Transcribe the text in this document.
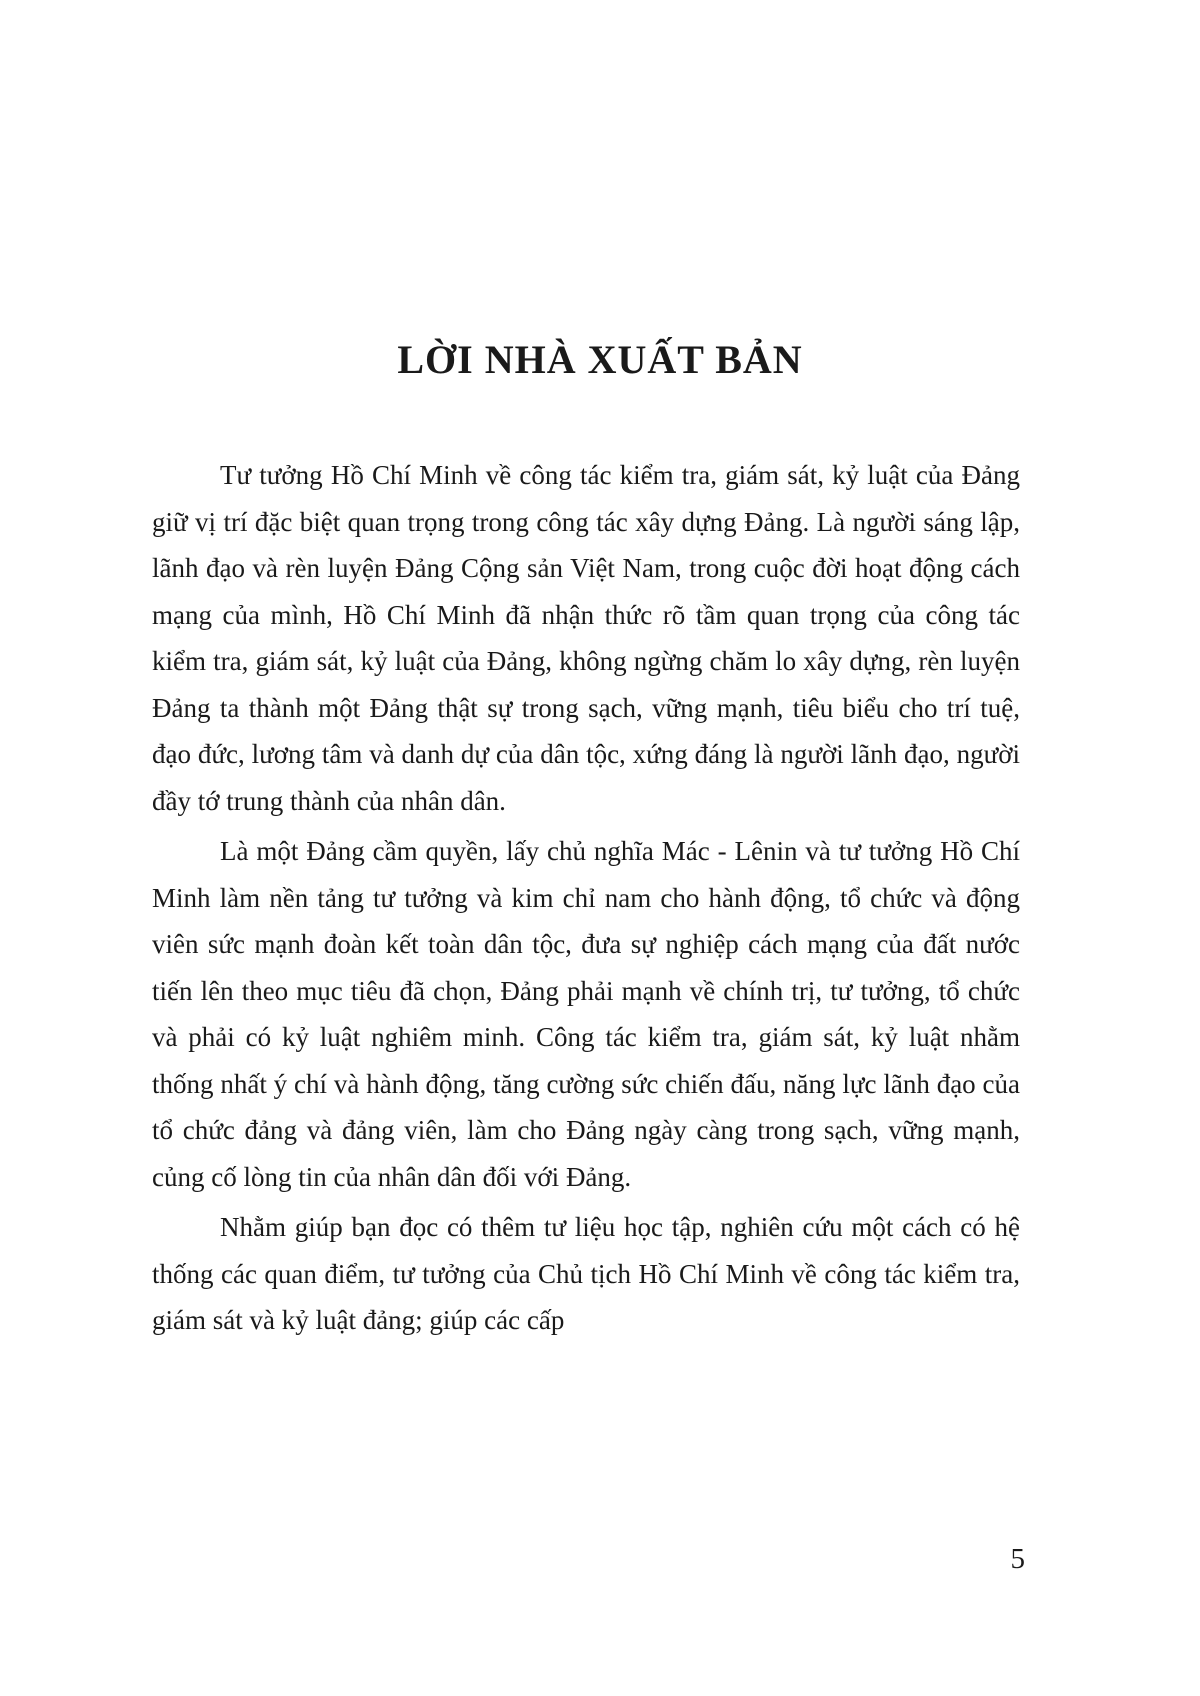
LỜI NHÀ XUẤT BẢN

Tư tưởng Hồ Chí Minh về công tác kiểm tra, giám sát, kỷ luật của Đảng giữ vị trí đặc biệt quan trọng trong công tác xây dựng Đảng. Là người sáng lập, lãnh đạo và rèn luyện Đảng Cộng sản Việt Nam, trong cuộc đời hoạt động cách mạng của mình, Hồ Chí Minh đã nhận thức rõ tầm quan trọng của công tác kiểm tra, giám sát, kỷ luật của Đảng, không ngừng chăm lo xây dựng, rèn luyện Đảng ta thành một Đảng thật sự trong sạch, vững mạnh, tiêu biểu cho trí tuệ, đạo đức, lương tâm và danh dự của dân tộc, xứng đáng là người lãnh đạo, người đầy tớ trung thành của nhân dân.

Là một Đảng cầm quyền, lấy chủ nghĩa Mác - Lênin và tư tưởng Hồ Chí Minh làm nền tảng tư tưởng và kim chỉ nam cho hành động, tổ chức và động viên sức mạnh đoàn kết toàn dân tộc, đưa sự nghiệp cách mạng của đất nước tiến lên theo mục tiêu đã chọn, Đảng phải mạnh về chính trị, tư tưởng, tổ chức và phải có kỷ luật nghiêm minh. Công tác kiểm tra, giám sát, kỷ luật nhằm thống nhất ý chí và hành động, tăng cường sức chiến đấu, năng lực lãnh đạo của tổ chức đảng và đảng viên, làm cho Đảng ngày càng trong sạch, vững mạnh, củng cố lòng tin của nhân dân đối với Đảng.

Nhằm giúp bạn đọc có thêm tư liệu học tập, nghiên cứu một cách có hệ thống các quan điểm, tư tưởng của Chủ tịch Hồ Chí Minh về công tác kiểm tra, giám sát và kỷ luật đảng; giúp các cấp

5
